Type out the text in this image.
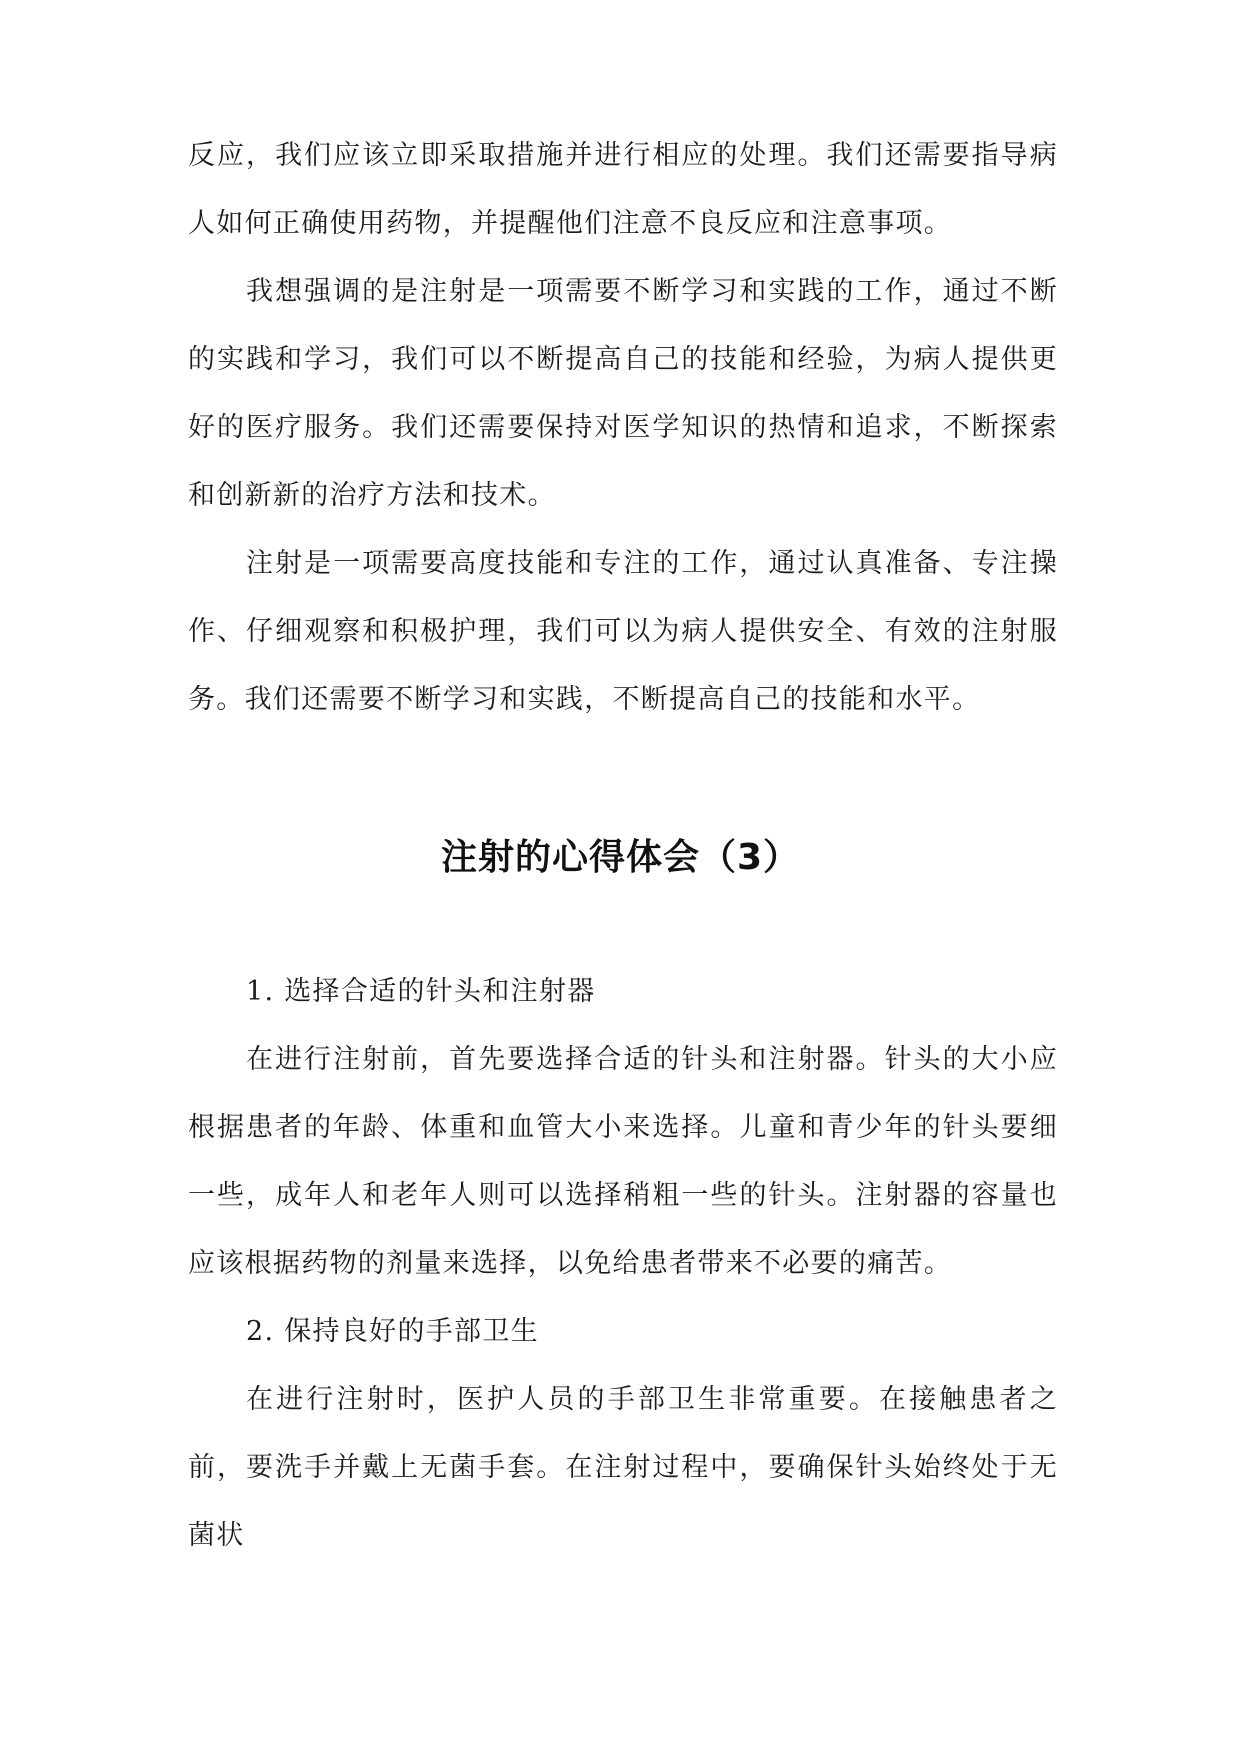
反应，我们应该立即采取措施并进行相应的处理。我们还需要指导病人如何正确使用药物，并提醒他们注意不良反应和注意事项。

我想强调的是注射是一项需要不断学习和实践的工作，通过不断的实践和学习，我们可以不断提高自己的技能和经验，为病人提供更好的医疗服务。我们还需要保持对医学知识的热情和追求，不断探索和创新新的治疗方法和技术。

注射是一项需要高度技能和专注的工作，通过认真准备、专注操作、仔细观察和积极护理，我们可以为病人提供安全、有效的注射服务。我们还需要不断学习和实践，不断提高自己的技能和水平。

注射的心得体会（3）

1. 选择合适的针头和注射器

在进行注射前，首先要选择合适的针头和注射器。针头的大小应根据患者的年龄、体重和血管大小来选择。儿童和青少年的针头要细一些，成年人和老年人则可以选择稍粗一些的针头。注射器的容量也应该根据药物的剂量来选择，以免给患者带来不必要的痛苦。

2. 保持良好的手部卫生

在进行注射时，医护人员的手部卫生非常重要。在接触患者之前，要洗手并戴上无菌手套。在注射过程中，要确保针头始终处于无菌状
